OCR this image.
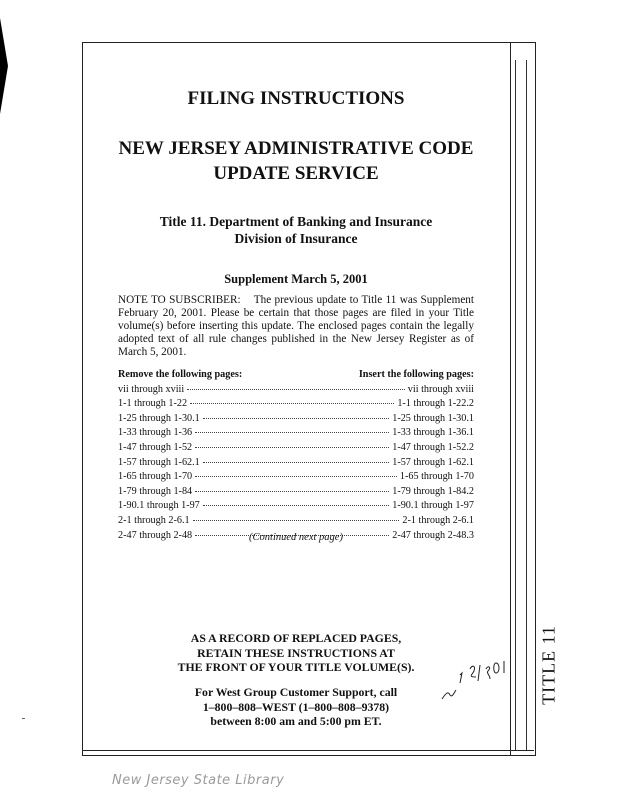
TITLE 11
FILING INSTRUCTIONS
NEW JERSEY ADMINISTRATIVE CODE
UPDATE SERVICE
Title 11. Department of Banking and Insurance
Division of Insurance
Supplement March 5, 2001
NOTE TO SUBSCRIBER: The previous update to Title 11 was Supplement February 20, 2001. Please be certain that those pages are filed in your Title volume(s) before inserting this update. The enclosed pages contain the legally adopted text of all rule changes published in the New Jersey Register as of March 5, 2001.
Remove the following pages:	Insert the following pages:
vii through xviii	vii through xviii
1-1 through 1-22	1-1 through 1-22.2
1-25 through 1-30.1	1-25 through 1-30.1
1-33 through 1-36	1-33 through 1-36.1
1-47 through 1-52	1-47 through 1-52.2
1-57 through 1-62.1	1-57 through 1-62.1
1-65 through 1-70	1-65 through 1-70
1-79 through 1-84	1-79 through 1-84.2
1-90.1 through 1-97	1-90.1 through 1-97
2-1 through 2-6.1	2-1 through 2-6.1
2-47 through 2-48	2-47 through 2-48.3
(Continued next page)
AS A RECORD OF REPLACED PAGES,
RETAIN THESE INSTRUCTIONS AT
THE FRONT OF YOUR TITLE VOLUME(S).
For West Group Customer Support, call
1–800–808–WEST (1–800–808–9378)
between 8:00 am and 5:00 pm ET.
New Jersey State Library
